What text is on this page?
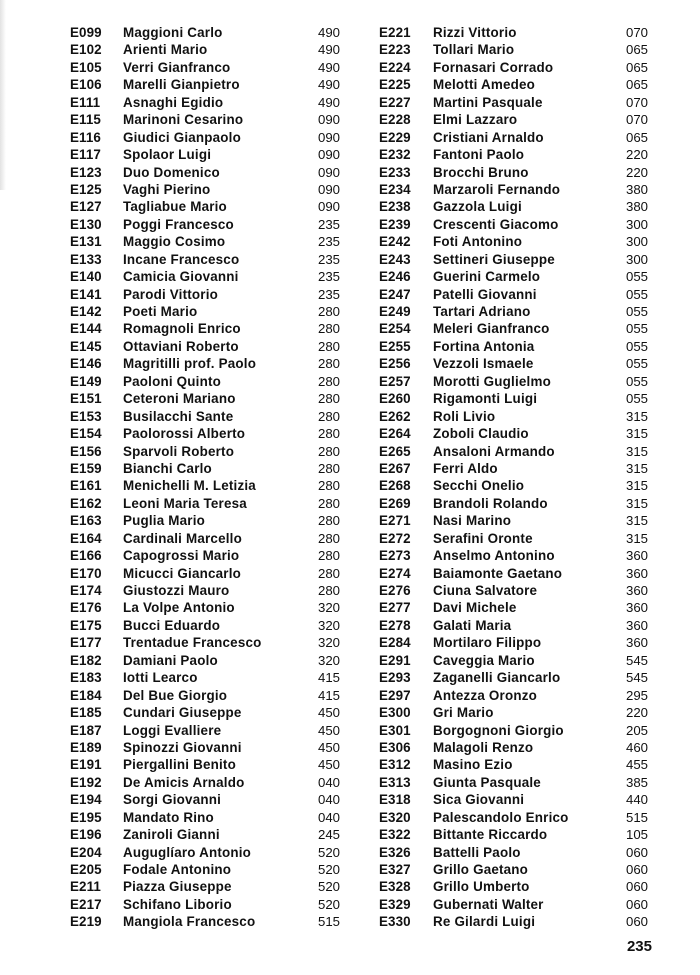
E099 Maggioni Carlo	490
E102 Arienti Mario	490
E105 Verri Gianfranco	490
E106 Marelli Gianpietro	490
E111 Asnaghi Egidio	490
E115 Marinoni Cesarino	090
E116 Giudici Gianpaolo	090
E117 Spolaor Luigi	090
E123 Duo Domenico	090
E125 Vaghi Pierino	090
E127 Tagliabue Mario	090
E130 Poggi Francesco	235
E131 Maggio Cosimo	235
E133 Incane Francesco	235
E140 Camicia Giovanni	235
E141 Parodi Vittorio	235
E142 Poeti Mario	280
E144 Romagnoli Enrico	280
E145 Ottaviani Roberto	280
E146 Magritilli prof. Paolo	280
E149 Paoloni Quinto	280
E151 Ceteroni Mariano	280
E153 Busilacchi Sante	280
E154 Paolorossi Alberto	280
E156 Sparvoli Roberto	280
E159 Bianchi Carlo	280
E161 Menichelli M. Letizia	280
E162 Leoni Maria Teresa	280
E163 Puglia Mario	280
E164 Cardinali Marcello	280
E166 Capogrossi Mario	280
E170 Micucci Giancarlo	280
E174 Giustozzi Mauro	280
E176 La Volpe Antonio	320
E175 Bucci Eduardo	320
E177 Trentadue Francesco	320
E182 Damiani Paolo	320
E183 Iotti Learco	415
E184 Del Bue Giorgio	415
E185 Cundari Giuseppe	450
E187 Loggi Evalliere	450
E189 Spinozzi Giovanni	450
E191 Piergallini Benito	450
E192 De Amicis Arnaldo	040
E194 Sorgi Giovanni	040
E195 Mandato Rino	040
E196 Zaniroli Gianni	245
E204 Auguglíaro Antonio	520
E205 Fodale Antonino	520
E211 Piazza Giuseppe	520
E217 Schifano Liborio	520
E219 Mangiola Francesco	515
E221 Rizzi Vittorio	070
E223 Tollari Mario	065
E224 Fornasari Corrado	065
E225 Melotti Amedeo	065
E227 Martini Pasquale	070
E228 Elmi Lazzaro	070
E229 Cristiani Arnaldo	065
E232 Fantoni Paolo	220
E233 Brocchi Bruno	220
E234 Marzaroli Fernando	380
E238 Gazzola Luigi	380
E239 Crescenti Giacomo	300
E242 Foti Antonino	300
E243 Settineri Giuseppe	300
E246 Guerini Carmelo	055
E247 Patelli Giovanni	055
E249 Tartari Adriano	055
E254 Meleri Gianfranco	055
E255 Fortina Antonia	055
E256 Vezzoli Ismaele	055
E257 Morotti Guglielmo	055
E260 Rigamonti Luigi	055
E262 Roli Livio	315
E264 Zoboli Claudio	315
E265 Ansaloni Armando	315
E267 Ferri Aldo	315
E268 Secchi Onelio	315
E269 Brandoli Rolando	315
E271 Nasi Marino	315
E272 Serafini Oronte	315
E273 Anselmo Antonino	360
E274 Baiamonte Gaetano	360
E276 Ciuna Salvatore	360
E277 Davi Michele	360
E278 Galati Maria	360
E284 Mortilaro Filippo	360
E291 Caveggia Mario	545
E293 Zaganelli Giancarlo	545
E297 Antezza Oronzo	295
E300 Gri Mario	220
E301 Borgognoni Giorgio	205
E306 Malagoli Renzo	460
E312 Masino Ezio	455
E313 Giunta Pasquale	385
E318 Sica Giovanni	440
E320 Palescandolo Enrico	515
E322 Bittante Riccardo	105
E326 Battelli Paolo	060
E327 Grillo Gaetano	060
E328 Grillo Umberto	060
E329 Gubernati Walter	060
E330 Re Gilardi Luigi	060
235
